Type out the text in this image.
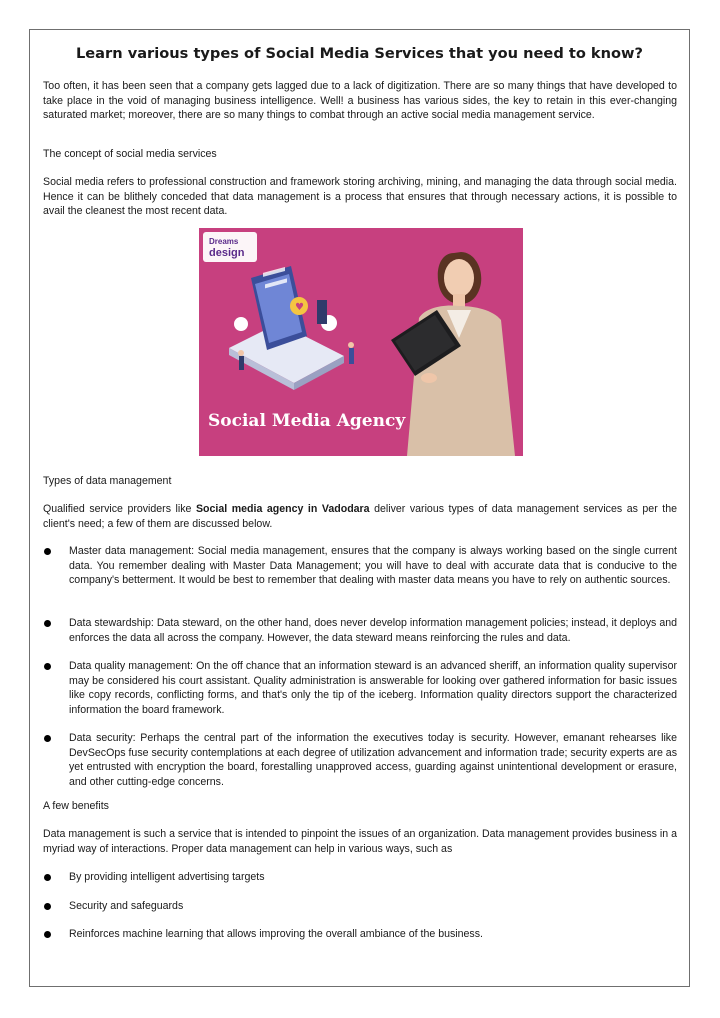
Learn various types of Social Media Services that you need to know?

Too often, it has been seen that a company gets lagged due to a lack of digitization. There are so many things that have developed to take place in the void of managing business intelligence. Well! a business has various sides, the key to retain in this ever-changing saturated market; moreover, there are so many things to combat through an active social media management service.

The concept of social media services
Social media refers to professional construction and framework storing archiving, mining, and managing the data through social media. Hence it can be blithely conceded that data management is a process that ensures that through necessary actions, it is possible to avail the cleanest the most recent data.
Dreams
design
♥
Social Media Agency
Types of data management
Qualified service providers like Social media agency in Vadodara deliver various types of data management services as per the client's need; a few of them are discussed below.
Master data management: Social media management, ensures that the company is always working based on the single current data. You remember dealing with Master Data Management; you will have to deal with accurate data that is conducive to the company's betterment. It would be best to remember that dealing with master data means you have to rely on authentic sources.
Data stewardship: Data steward, on the other hand, does never develop information management policies; instead, it deploys and enforces the data all across the company. However, the data steward means reinforcing the rules and data.
Data quality management: On the off chance that an information steward is an advanced sheriff, an information quality supervisor may be considered his court assistant. Quality administration is answerable for looking over gathered information for basic issues like copy records, conflicting forms, and that's only the tip of the iceberg. Information quality directors support the characterized information the board framework.
Data security: Perhaps the central part of the information the executives today is security. However, emanant rehearses like DevSecOps fuse security contemplations at each degree of utilization advancement and information trade; security experts are as yet entrusted with encryption the board, forestalling unapproved access, guarding against unintentional development or erasure, and other cutting-edge concerns.
A few benefits
Data management is such a service that is intended to pinpoint the issues of an organization. Data management provides business in a myriad way of interactions. Proper data management can help in various ways, such as
By providing intelligent advertising targets
Security and safeguards
Reinforces machine learning that allows improving the overall ambiance of the business.
